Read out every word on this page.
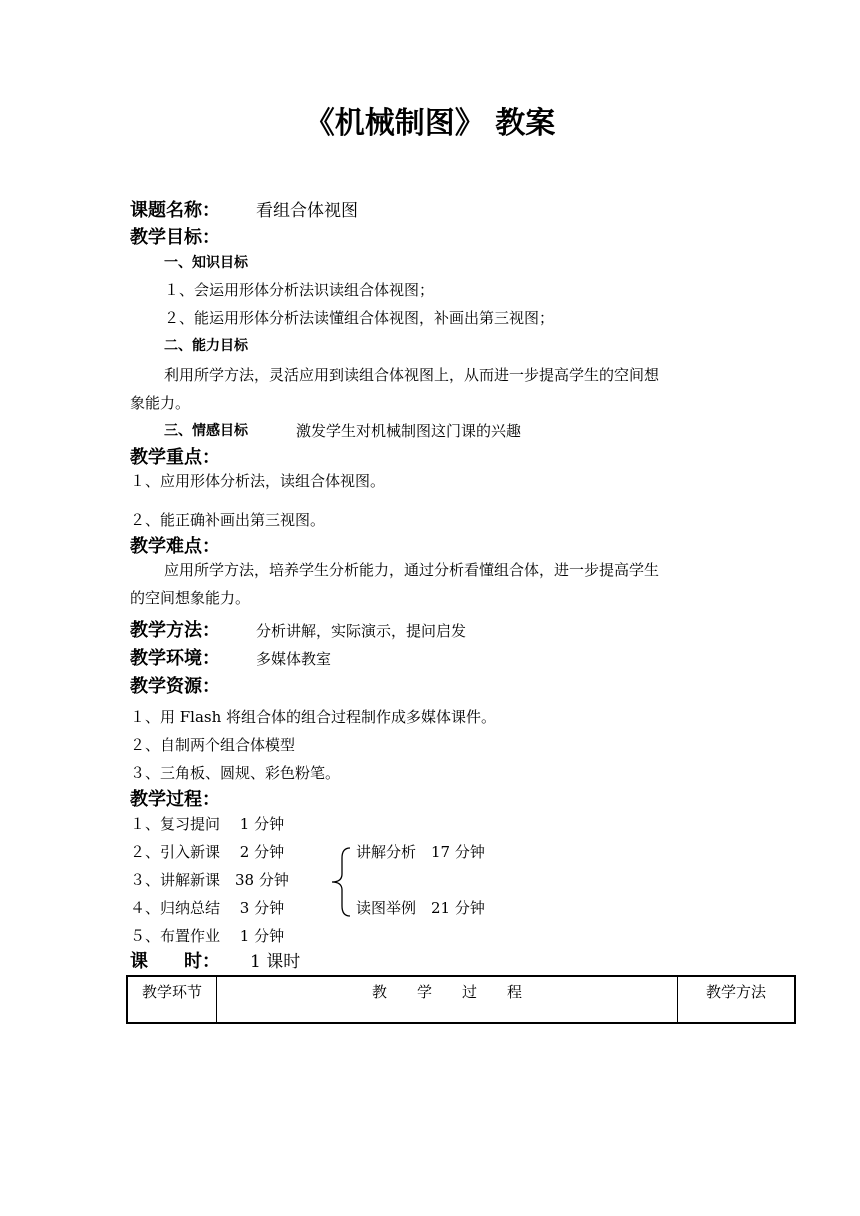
《机械制图》 教案
课题名称： 看组合体视图
教学目标：
一、知识目标
１、会运用形体分析法识读组合体视图；
２、能运用形体分析法读懂组合体视图，补画出第三视图；
二、能力目标
利用所学方法，灵活应用到读组合体视图上，从而进一步提高学生的空间想
象能力。
三、情感目标	激发学生对机械制图这门课的兴趣
教学重点：
１、应用形体分析法，读组合体视图。
２、能正确补画出第三视图。
教学难点：
应用所学方法，培养学生分析能力，通过分析看懂组合体，进一步提高学生
的空间想象能力。
教学方法： 分析讲解，实际演示，提问启发
教学环境： 多媒体教室
教学资源：
１、用 Flash 将组合体的组合过程制作成多媒体课件。
２、自制两个组合体模型
３、三角板、圆规、彩色粉笔。
教学过程：
１、复习提问　 1 分钟
２、引入新课　 2 分钟
３、讲解新课　38 分钟
４、归纳总结　 3 分钟
５、布置作业　 1 分钟
讲解分析　17 分钟
读图举例　21 分钟
课　　时： 1 课时
教学环节	教　　学　　过　　程	教学方法
